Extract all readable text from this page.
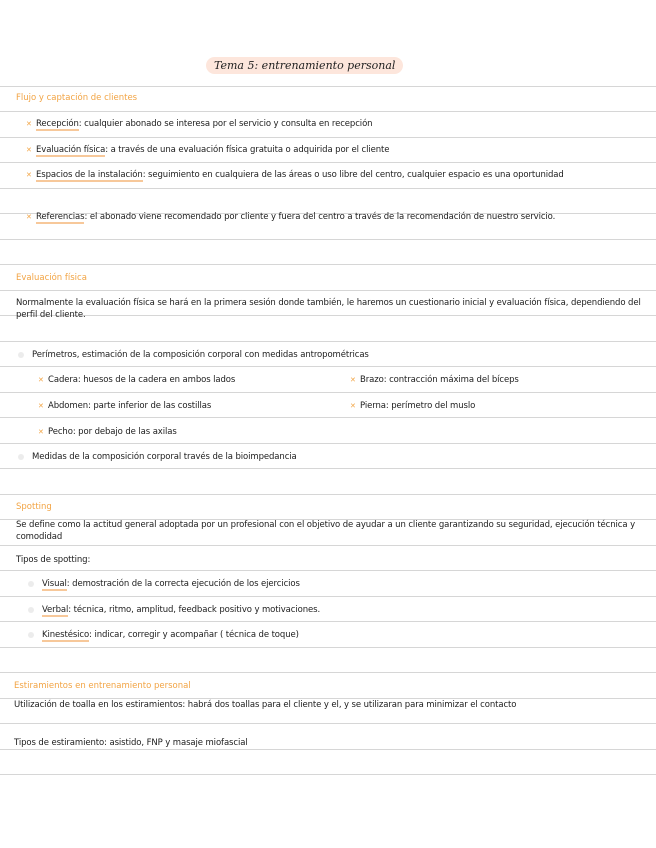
Tema 5: entrenamiento personal
Flujo y captación de clientes
✕ Recepción: cualquier abonado se interesa por el servicio y consulta en recepción
✕ Evaluación física: a través de una evaluación física gratuita o adquirida por el cliente
✕ Espacios de la instalación: seguimiento en cualquiera de las áreas o uso libre del centro, cualquier espacio es una oportunidad
✕ Referencias: el abonado viene recomendado por cliente y fuera del centro a través de la recomendación de nuestro servicio.
Evaluación física
Normalmente la evaluación física se hará en la primera sesión donde también, le haremos un cuestionario inicial y evaluación física, dependiendo del perfil del cliente.
Perímetros, estimación de la composición corporal con medidas antropométricas
✕ Cadera: huesos de la cadera en ambos lados	✕ Brazo: contracción máxima del bíceps
✕ Abdomen: parte inferior de las costillas	✕ Pierna: perímetro del muslo
✕ Pecho: por debajo de las axilas
Medidas de la composición corporal través de la bioimpedancia
Spotting
Se define como la actitud general adoptada por un profesional con el objetivo de ayudar a un cliente garantizando su seguridad, ejecución técnica y comodidad
Tipos de spotting:
Visual: demostración de la correcta ejecución de los ejercicios
Verbal: técnica, ritmo, amplitud, feedback positivo y motivaciones.
Kinestésico: indicar, corregir y acompañar ( técnica de toque)
Estiramientos en entrenamiento personal
Utilización de toalla en los estiramientos: habrá dos toallas para el cliente y el, y se utilizaran para minimizar el contacto
Tipos de estiramiento: asistido, FNP y masaje miofascial
